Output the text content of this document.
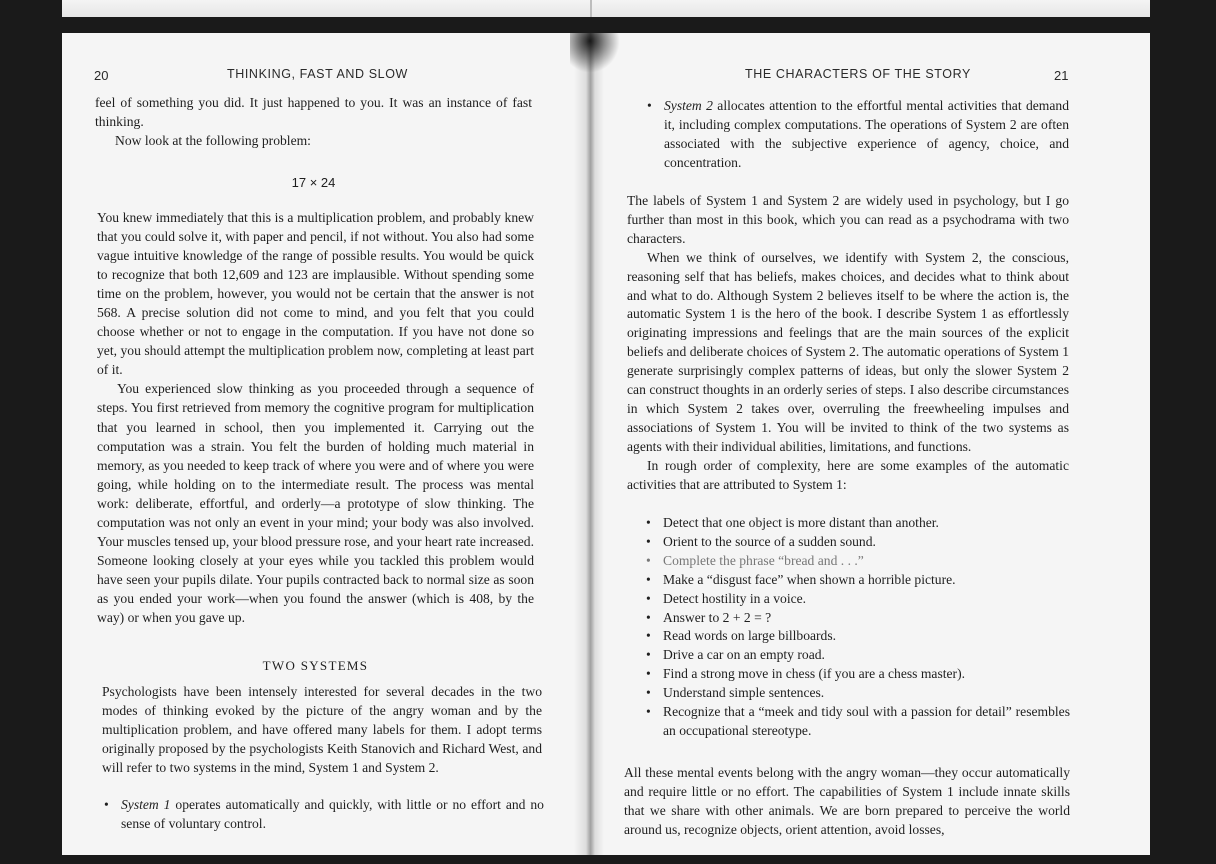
20	THINKING, FAST AND SLOW

feel of something you did. It just happened to you. It was an instance of fast thinking.

Now look at the following problem:

17 × 24

You knew immediately that this is a multiplication problem, and probably knew that you could solve it, with paper and pencil, if not without. You also had some vague intuitive knowledge of the range of possible results. You would be quick to recognize that both 12,609 and 123 are implausible. Without spending some time on the problem, however, you would not be certain that the answer is not 568. A precise solution did not come to mind, and you felt that you could choose whether or not to engage in the computation. If you have not done so yet, you should attempt the multiplication problem now, completing at least part of it.

You experienced slow thinking as you proceeded through a sequence of steps. You first retrieved from memory the cognitive program for multiplication that you learned in school, then you implemented it. Carrying out the computation was a strain. You felt the burden of holding much material in memory, as you needed to keep track of where you were and of where you were going, while holding on to the intermediate result. The process was mental work: deliberate, effortful, and orderly—a prototype of slow thinking. The computation was not only an event in your mind; your body was also involved. Your muscles tensed up, your blood pressure rose, and your heart rate increased. Someone looking closely at your eyes while you tackled this problem would have seen your pupils dilate. Your pupils contracted back to normal size as soon as you ended your work—when you found the answer (which is 408, by the way) or when you gave up.

TWO SYSTEMS

Psychologists have been intensely interested for several decades in the two modes of thinking evoked by the picture of the angry woman and by the multiplication problem, and have offered many labels for them. I adopt terms originally proposed by the psychologists Keith Stanovich and Richard West, and will refer to two systems in the mind, System 1 and System 2.

• System 1 operates automatically and quickly, with little or no effort and no sense of voluntary control.
THE CHARACTERS OF THE STORY	21
• System 2 allocates attention to the effortful mental activities that demand it, including complex computations. The operations of System 2 are often associated with the subjective experience of agency, choice, and concentration.

The labels of System 1 and System 2 are widely used in psychology, but I go further than most in this book, which you can read as a psychodrama with two characters.

When we think of ourselves, we identify with System 2, the conscious, reasoning self that has beliefs, makes choices, and decides what to think about and what to do. Although System 2 believes itself to be where the action is, the automatic System 1 is the hero of the book. I describe System 1 as effortlessly originating impressions and feelings that are the main sources of the explicit beliefs and deliberate choices of System 2. The automatic operations of System 1 generate surprisingly complex patterns of ideas, but only the slower System 2 can construct thoughts in an orderly series of steps. I also describe circumstances in which System 2 takes over, overruling the freewheeling impulses and associations of System 1. You will be invited to think of the two systems as agents with their individual abilities, limitations, and functions.

In rough order of complexity, here are some examples of the automatic activities that are attributed to System 1:

• Detect that one object is more distant than another.
• Orient to the source of a sudden sound.
• Complete the phrase “bread and . . .”
• Make a “disgust face” when shown a horrible picture.
• Detect hostility in a voice.
• Answer to 2 + 2 = ?
• Read words on large billboards.
• Drive a car on an empty road.
• Find a strong move in chess (if you are a chess master).
• Understand simple sentences.
• Recognize that a “meek and tidy soul with a passion for detail” resembles an occupational stereotype.

All these mental events belong with the angry woman—they occur automatically and require little or no effort. The capabilities of System 1 include innate skills that we share with other animals. We are born prepared to perceive the world around us, recognize objects, orient attention, avoid losses,
